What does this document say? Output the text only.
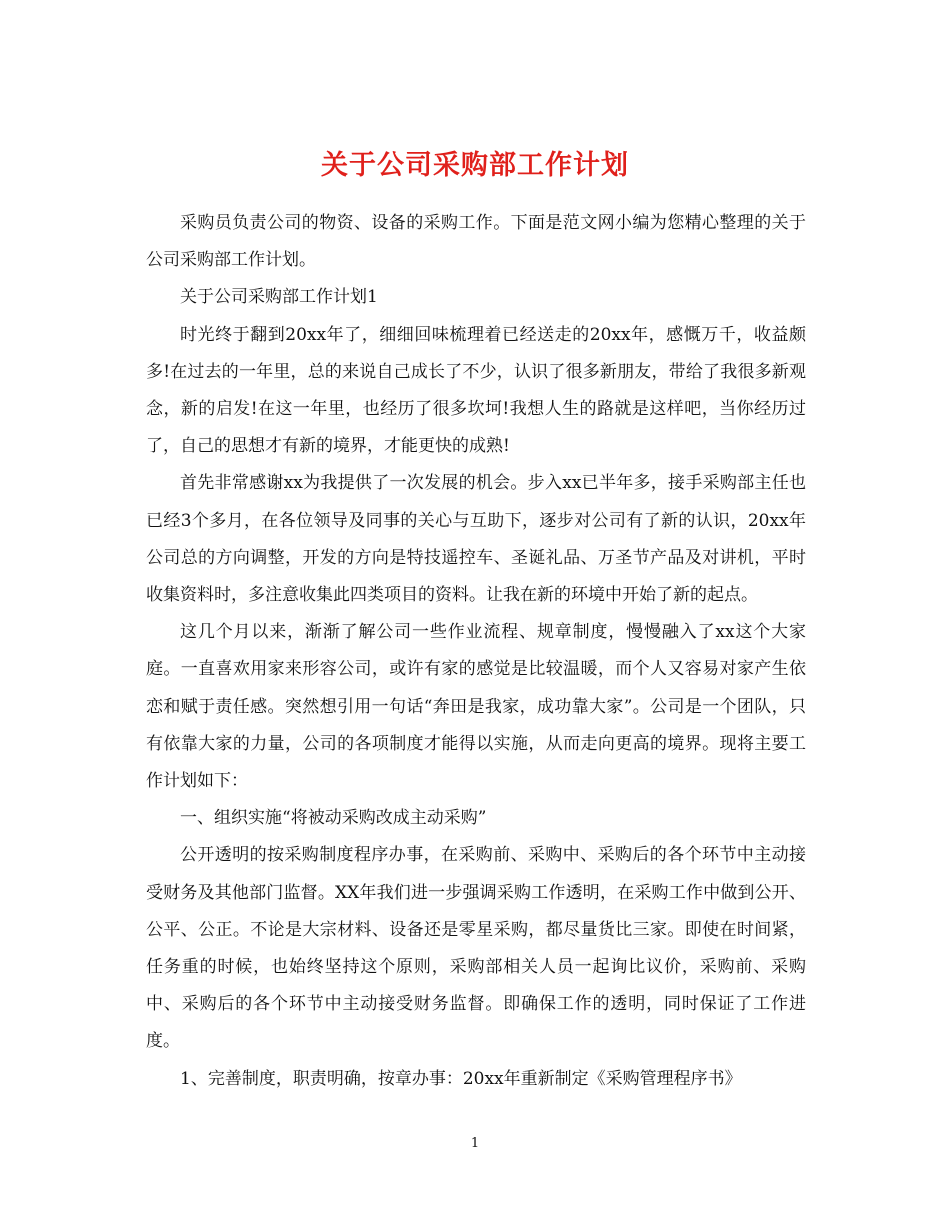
关于公司采购部工作计划

采购员负责公司的物资、设备的采购工作。下面是范文网小编为您精心整理的关于公司采购部工作计划。

关于公司采购部工作计划1

时光终于翻到20xx年了，细细回味梳理着已经送走的20xx年，感慨万千，收益颇多!在过去的一年里，总的来说自己成长了不少，认识了很多新朋友，带给了我很多新观念，新的启发!在这一年里，也经历了很多坎坷!我想人生的路就是这样吧，当你经历过了，自己的思想才有新的境界，才能更快的成熟!

首先非常感谢xx为我提供了一次发展的机会。步入xx已半年多，接手采购部主任也已经3个多月，在各位领导及同事的关心与互助下，逐步对公司有了新的认识，20xx年公司总的方向调整，开发的方向是特技遥控车、圣诞礼品、万圣节产品及对讲机，平时收集资料时，多注意收集此四类项目的资料。让我在新的环境中开始了新的起点。

这几个月以来，渐渐了解公司一些作业流程、规章制度，慢慢融入了xx这个大家庭。一直喜欢用家来形容公司，或许有家的感觉是比较温暖，而个人又容易对家产生依恋和赋于责任感。突然想引用一句话“奔田是我家，成功靠大家”。公司是一个团队，只有依靠大家的力量，公司的各项制度才能得以实施，从而走向更高的境界。现将主要工作计划如下：

一、组织实施“将被动采购改成主动采购”

公开透明的按采购制度程序办事，在采购前、采购中、采购后的各个环节中主动接受财务及其他部门监督。XX年我们进一步强调采购工作透明，在采购工作中做到公开、公平、公正。不论是大宗材料、设备还是零星采购，都尽量货比三家。即使在时间紧，任务重的时候，也始终坚持这个原则，采购部相关人员一起询比议价，采购前、采购中、采购后的各个环节中主动接受财务监督。即确保工作的透明，同时保证了工作进度。

1、完善制度，职责明确，按章办事：20xx年重新制定《采购管理程序书》

1
